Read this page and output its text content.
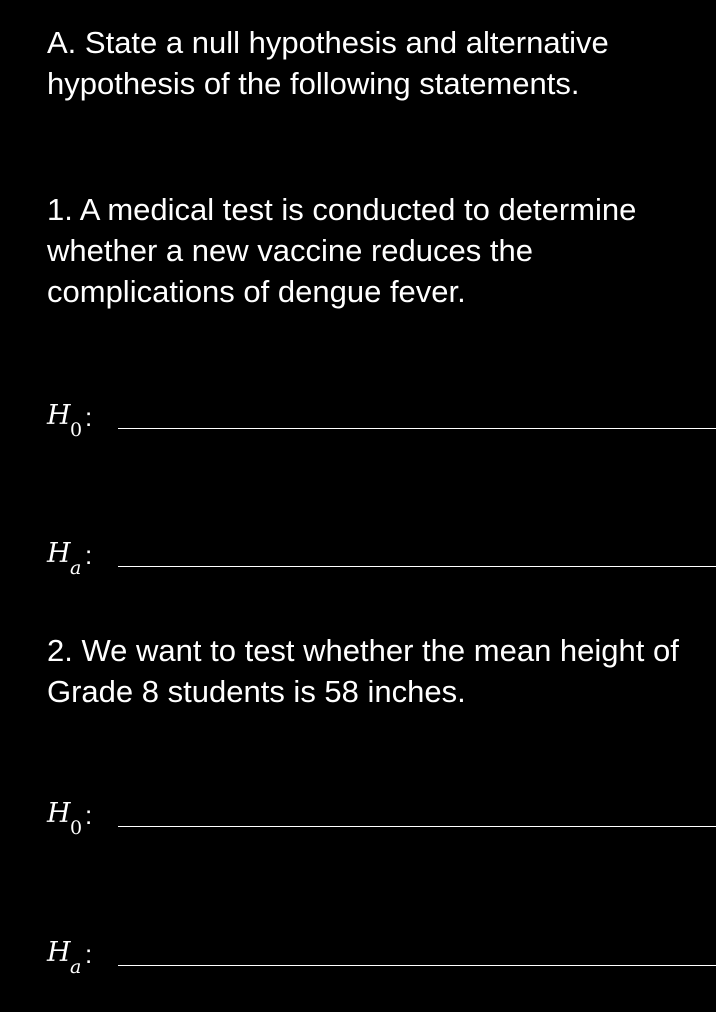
A. State a null hypothesis and alternative hypothesis of the following statements.

1. A medical test is conducted to determine whether a new vaccine reduces the complications of dengue fever.

H 0 :
H a :

2. We want to test whether the mean height of Grade 8 students is 58 inches.

H 0 :
H a :
